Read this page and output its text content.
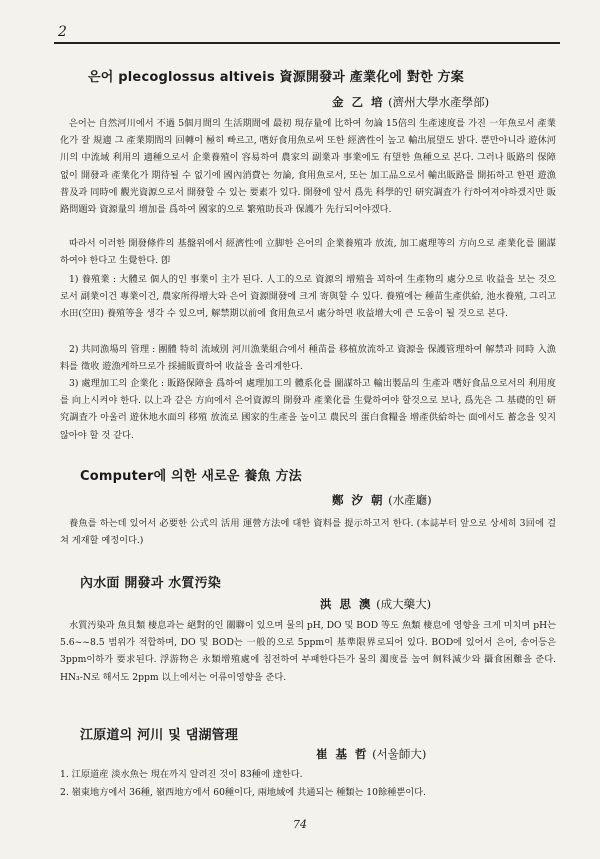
2
은어 plecoglossus altiveis 資源開發과 產業化에 對한 方案
金 乙 培 (濟州大學水產學部)

은어는 自然河川에서 不過 5個月間의 生活期間에 最初 現存量에 比하여 勿論 15倍의 生產速度를 가진 一年魚로서 產業化가 잘 規適 그 產業期間의 回轉이 極히 빠르고, 嗜好食用魚로써 또한 經濟性이 높고 輸出展望도 밝다. 뿐만아니라 遊休河川의 中流域 利用의 適種으로서 企業養殖이 容易하여 農家의 副業과 事業에도 有望한 魚種으로 본다. 그러나 販路의 保障없이 開發과 產業化가 期待될 수 없기에 國內消費는 勿論, 食用魚로서, 또는 加工品으로서 輸出販路를 開拓하고 한편 遊漁普及과 同時에 觀光資源으로서 開發할 수 있는 要素가 있다. 開發에 앞서 爲先 科學的인 研究調査가 行하여져야하겠지만 販路問題와 資源量의 增加를 爲하여 國家的으로 繁殖助長과 保護가 先行되어야겠다.

따라서 이러한 開發條件의 基盤위에서 經濟性에 立脚한 은어의 企業養殖과 放流, 加工處理等의 方向으로 產業化를 圖謀하여야 한다고 生覺한다. 卽

1) 養殖業 : 大體로 個人的인 事業이 主가 된다. 人工的으로 資源의 增殖을 꾀하여 生產物의 處分으로 收益을 보는 것으로서 副業이건 專業이건, 農家所得增大와 은어 資源開發에 크게 寄與할 수 있다. 養殖에는 種苗生產供給, 池水養殖, 그리고 水田(空田) 養殖等을 생각 수 있으며, 解禁期以前에 食用魚로서 處分하면 收益增大에 큰 도움이 될 것으로 본다.

2) 共同漁場의 管理 : 團體 特히 流域別 河川漁業組合에서 種苗를 移植放流하고 資源을 保護管理하여 解禁과 同時 入漁料를 徵收 遊漁케하므로가 採捕販賣하여 收益을 올리게한다.

3) 處理加工의 企業化 : 販路保障을 爲하여 處理加工의 體系化를 圖謀하고 輸出製品의 生產과 嗜好食品으로서의 利用度를 向上시켜야 한다. 以上과 같은 方向에서 은어資源의 開發과 產業化를 生覺하여야 할것으로 보나, 爲先은 그 基礎的인 研究調査가 아울러 遊休地水面의 移殖 放流로 國家的生產을 높이고 農民의 蛋白食糧을 增產供給하는 面에서도 蓄念을 잊지 않아야 할 것 같다.

Computer에 의한 새로운 養魚 方法
鄭 汐 朝 (水產廳)

養魚를 하는데 있어서 必要한 公式의 活用 運營方法에 대한 資料를 提示하고저 한다. (本誌부터 앞으로 상세히 3回에 걸쳐 게재할 예정이다.)

內水面 開發과 水質汚染
洪 思 澳 (成大藥大)

水質汚染과 魚貝類 棲息과는 絕對的인 關聯이 있으며 물의 pH, DO 및 BOD 等도 魚類 棲息에 영향을 크게 미치며 pH는 5.6~~8.5 범위가 적합하며, DO 및 BOD는 一般的으로 5ppm이 基準限界로되어 있다. BOD에 있어서 은어, 송어등은 3ppm이하가 要求된다. 浮游物은 永類增殖處에 침전하여 부패한다든가 물의 濁度를 높여 飼料減少와 攝食困難을 준다. HN₃-N로 해서도 2ppm 以上에서는 어류이영향을 준다.

江原道의 河川 및 댐湖管理
崔 基 哲 (서울師大)
1. 江原道産 淡水魚는 現在까지 알려진 것이 83種에 達한다.
2. 嶺東地方에서 36種, 嶺西地方에서 60種이다, 兩地域에 共通되는 種類는 10餘種뿐이다.
74
